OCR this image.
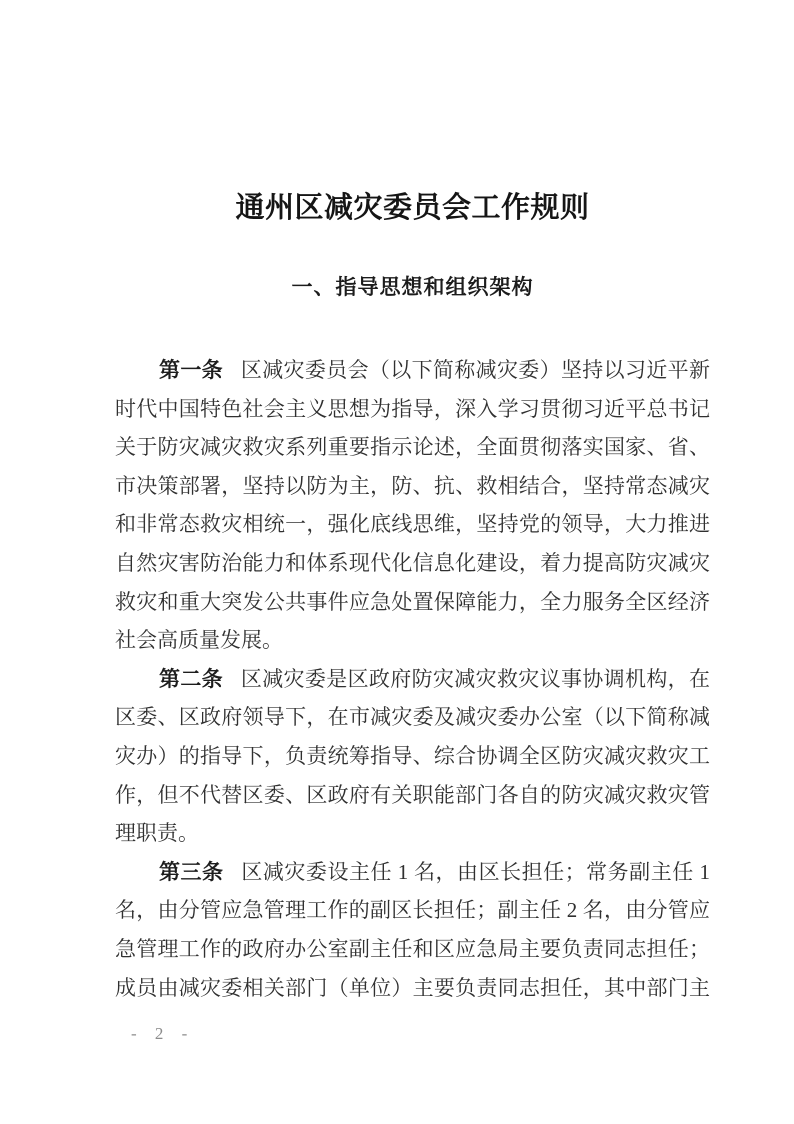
通州区减灾委员会工作规则
一、指导思想和组织架构
第一条 区减灾委员会（以下简称减灾委）坚持以习近平新
时代中国特色社会主义思想为指导，深入学习贯彻习近平总书记
关于防灾减灾救灾系列重要指示论述，全面贯彻落实国家、省、
市决策部署，坚持以防为主，防、抗、救相结合，坚持常态减灾
和非常态救灾相统一，强化底线思维，坚持党的领导，大力推进
自然灾害防治能力和体系现代化信息化建设，着力提高防灾减灾
救灾和重大突发公共事件应急处置保障能力，全力服务全区经济
社会高质量发展。
第二条 区减灾委是区政府防灾减灾救灾议事协调机构，在
区委、区政府领导下，在市减灾委及减灾委办公室（以下简称减
灾办）的指导下，负责统筹指导、综合协调全区防灾减灾救灾工
作，但不代替区委、区政府有关职能部门各自的防灾减灾救灾管
理职责。
第三条 区减灾委设主任 1 名，由区长担任；常务副主任 1
名，由分管应急管理工作的副区长担任；副主任 2 名，由分管应
急管理工作的政府办公室副主任和区应急局主要负责同志担任；
成员由减灾委相关部门（单位）主要负责同志担任，其中部门主
- 2 -
